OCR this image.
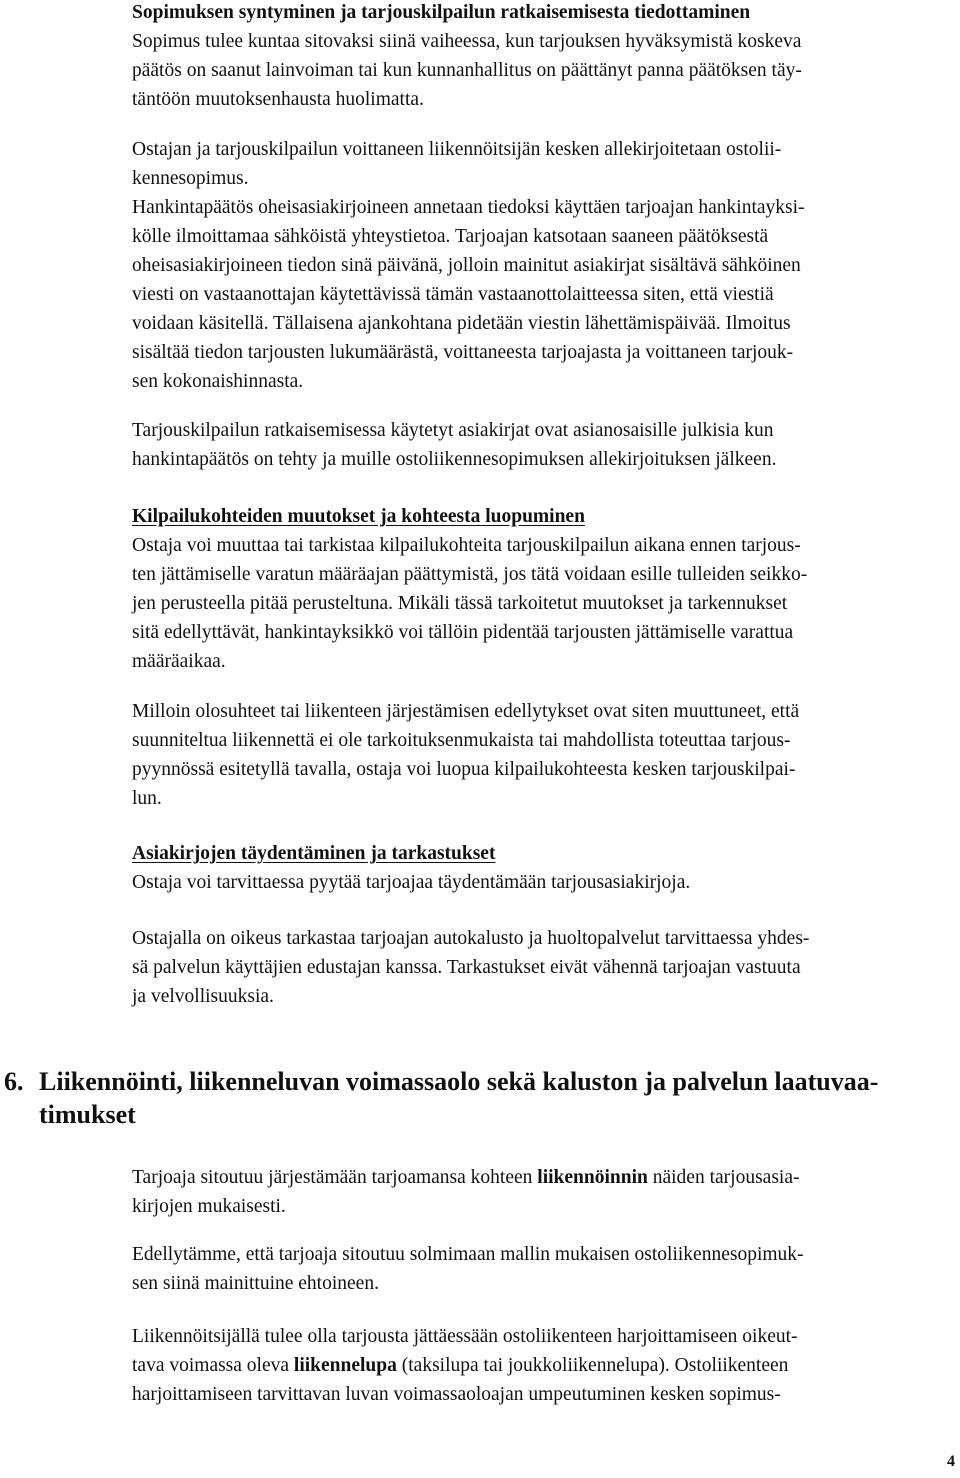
Sopimuksen syntyminen ja tarjouskilpailun ratkaisemisesta tiedottaminen
Sopimus tulee kuntaa sitovaksi siinä vaiheessa, kun tarjouksen hyväksymistä koskeva
päätös on saanut lainvoiman tai kun kunnanhallitus on päättänyt panna päätöksen täy-
täntöön muutoksenhausta huolimatta.
Ostajan ja tarjouskilpailun voittaneen liikennöitsijän kesken allekirjoitetaan ostolii-
kennesopimus.
Hankintapäätös oheisasiakirjoineen annetaan tiedoksi käyttäen tarjoajan hankintayksi-
kölle ilmoittamaa sähköistä yhteystietoa. Tarjoajan katsotaan saaneen päätöksestä
oheisasiakirjoineen tiedon sinä päivänä, jolloin mainitut asiakirjat sisältävä sähköinen
viesti on vastaanottajan käytettävissä tämän vastaanottolaitteessa siten, että viestiä
voidaan käsitellä. Tällaisena ajankohtana pidetään viestin lähettämispäivää. Ilmoitus
sisältää tiedon tarjousten lukumäärästä, voittaneesta tarjoajasta ja voittaneen tarjouk-
sen kokonaishinnasta.
Tarjouskilpailun ratkaisemisessa käytetyt asiakirjat ovat asianosaisille julkisia kun
hankintapäätös on tehty ja muille ostoliikennesopimuksen allekirjoituksen jälkeen.
Kilpailukohteiden muutokset ja kohteesta luopuminen
Ostaja voi muuttaa tai tarkistaa kilpailukohteita tarjouskilpailun aikana ennen tarjous-
ten jättämiselle varatun määräajan päättymistä, jos tätä voidaan esille tulleiden seikko-
jen perusteella pitää perusteltuna. Mikäli tässä tarkoitetut muutokset ja tarkennukset
sitä edellyttävät, hankintayksikkö voi tällöin pidentää tarjousten jättämiselle varattua
määräaikaa.
Milloin olosuhteet tai liikenteen järjestämisen edellytykset ovat siten muuttuneet, että
suunniteltua liikennettä ei ole tarkoituksenmukaista tai mahdollista toteuttaa tarjous-
pyynnössä esitetyllä tavalla, ostaja voi luopua kilpailukohteesta kesken tarjouskilpai-
lun.
Asiakirjojen täydentäminen ja tarkastukset
Ostaja voi tarvittaessa pyytää tarjoajaa täydentämään tarjousasiakirjoja.
Ostajalla on oikeus tarkastaa tarjoajan autokalusto ja huoltopalvelut tarvittaessa yhdes-
sä palvelun käyttäjien edustajan kanssa. Tarkastukset eivät vähennä tarjoajan vastuuta
ja velvollisuuksia.
6. Liikennöinti, liikenneluvan voimassaolo sekä kaluston ja palvelun laatuvaa-
timukset
Tarjoaja sitoutuu järjestämään tarjoamansa kohteen liikennöinnin näiden tarjousasia-
kirjojen mukaisesti.
Edellytämme, että tarjoaja sitoutuu solmimaan mallin mukaisen ostoliikennesopimuk-
sen siinä mainittuine ehtoineen.
Liikennöitsijällä tulee olla tarjousta jättäessään ostoliikenteen harjoittamiseen oikeut-
tava voimassa oleva liikennelupa (taksilupa tai joukkoliikennelupa). Ostoliikenteen
harjoittamiseen tarvittavan luvan voimassaoloajan umpeutuminen kesken sopimus-
4
